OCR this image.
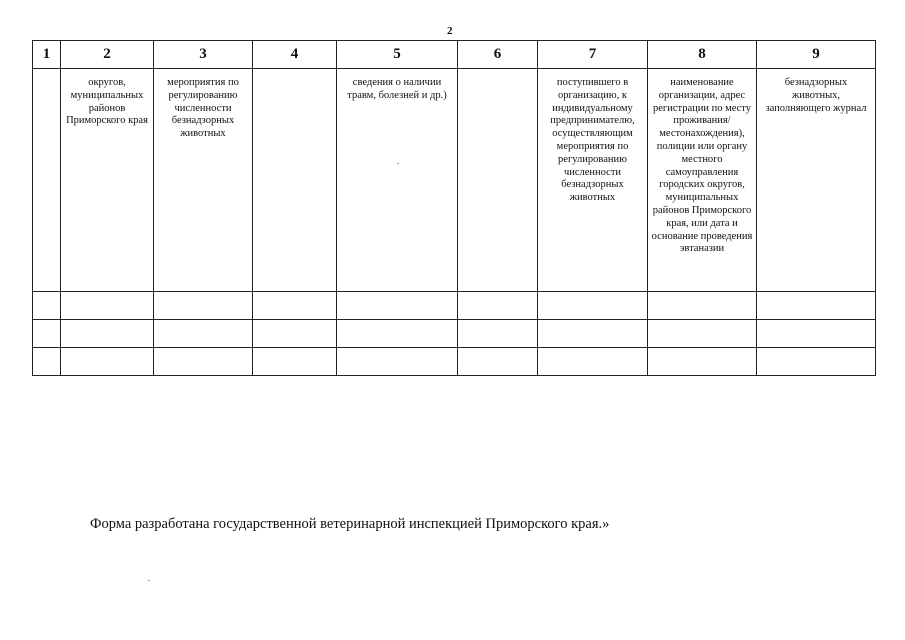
2
1	2	3	4	5	6	7	8	9

	округов, муниципальных районов Приморского края	мероприятия по регулированию численности безнадзорных животных		сведения о наличии травм, болезней и др.)		поступившего в организацию, к индивидуальному предпринимателю, осуществляющим мероприятия по регулированию численности безнадзорных животных	наименование организации, адрес регистрации по месту проживания/ местонахождения), полиции или органу местного самоуправления городских округов, муниципальных районов Приморского края, или дата и основание проведения эвтаназии	безнадзорных животных, заполняющего журнал

Форма разработана государственной ветеринарной инспекцией Приморского края.»
